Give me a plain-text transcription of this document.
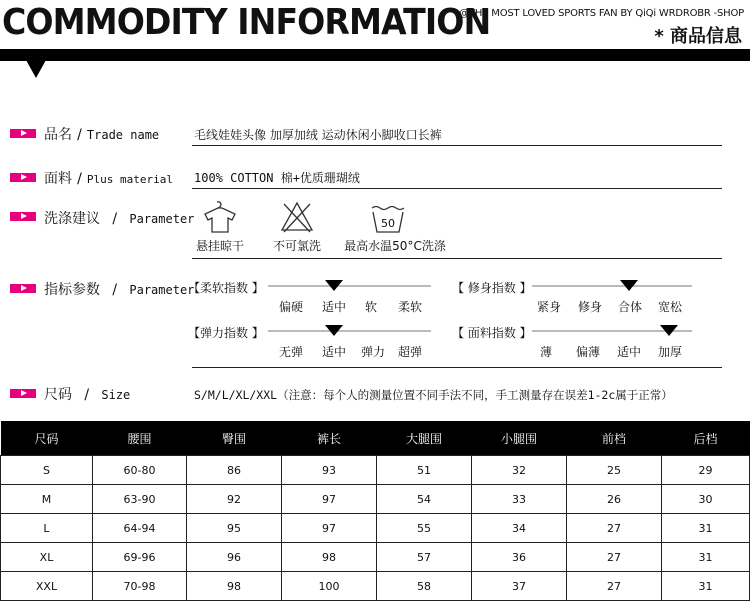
COMMODITY INFORMATION
@THE MOST LOVED SPORTS FAN BY QiQi WRDROBR -SHOP
* 商品信息
品名 / Trade name	毛线娃娃头像 加厚加绒 运动休闲小脚收口长裤
面料 / Plus material 100% COTTON 棉+优质珊瑚绒
洗涤建议 / Parameter
悬挂晾干	不可氯洗
50
最高水温50°C洗涤
指标参数 / Parameter
【柔软指数 】
偏硬	适中	软	柔软
【 修身指数 】
紧身	修身	合体	宽松
【弹力指数 】
无弹	适中	弹力	超弹
【 面料指数 】
薄	偏薄	适中	加厚
尺码 / Size	S/M/L/XL/XXL（注意：每个人的测量位置不同手法不同，手工测量存在误差1-2c属于正常）
尺码	腰围	臀围	裤长	大腿围	小腿围	前档	后档
S	60-80	86	93	51	32	25	29
M	63-90	92	97	54	33	26	30
L	64-94	95	97	55	34	27	31
XL	69-96	96	98	57	36	27	31
XXL	70-98	98	100	58	37	27	31
